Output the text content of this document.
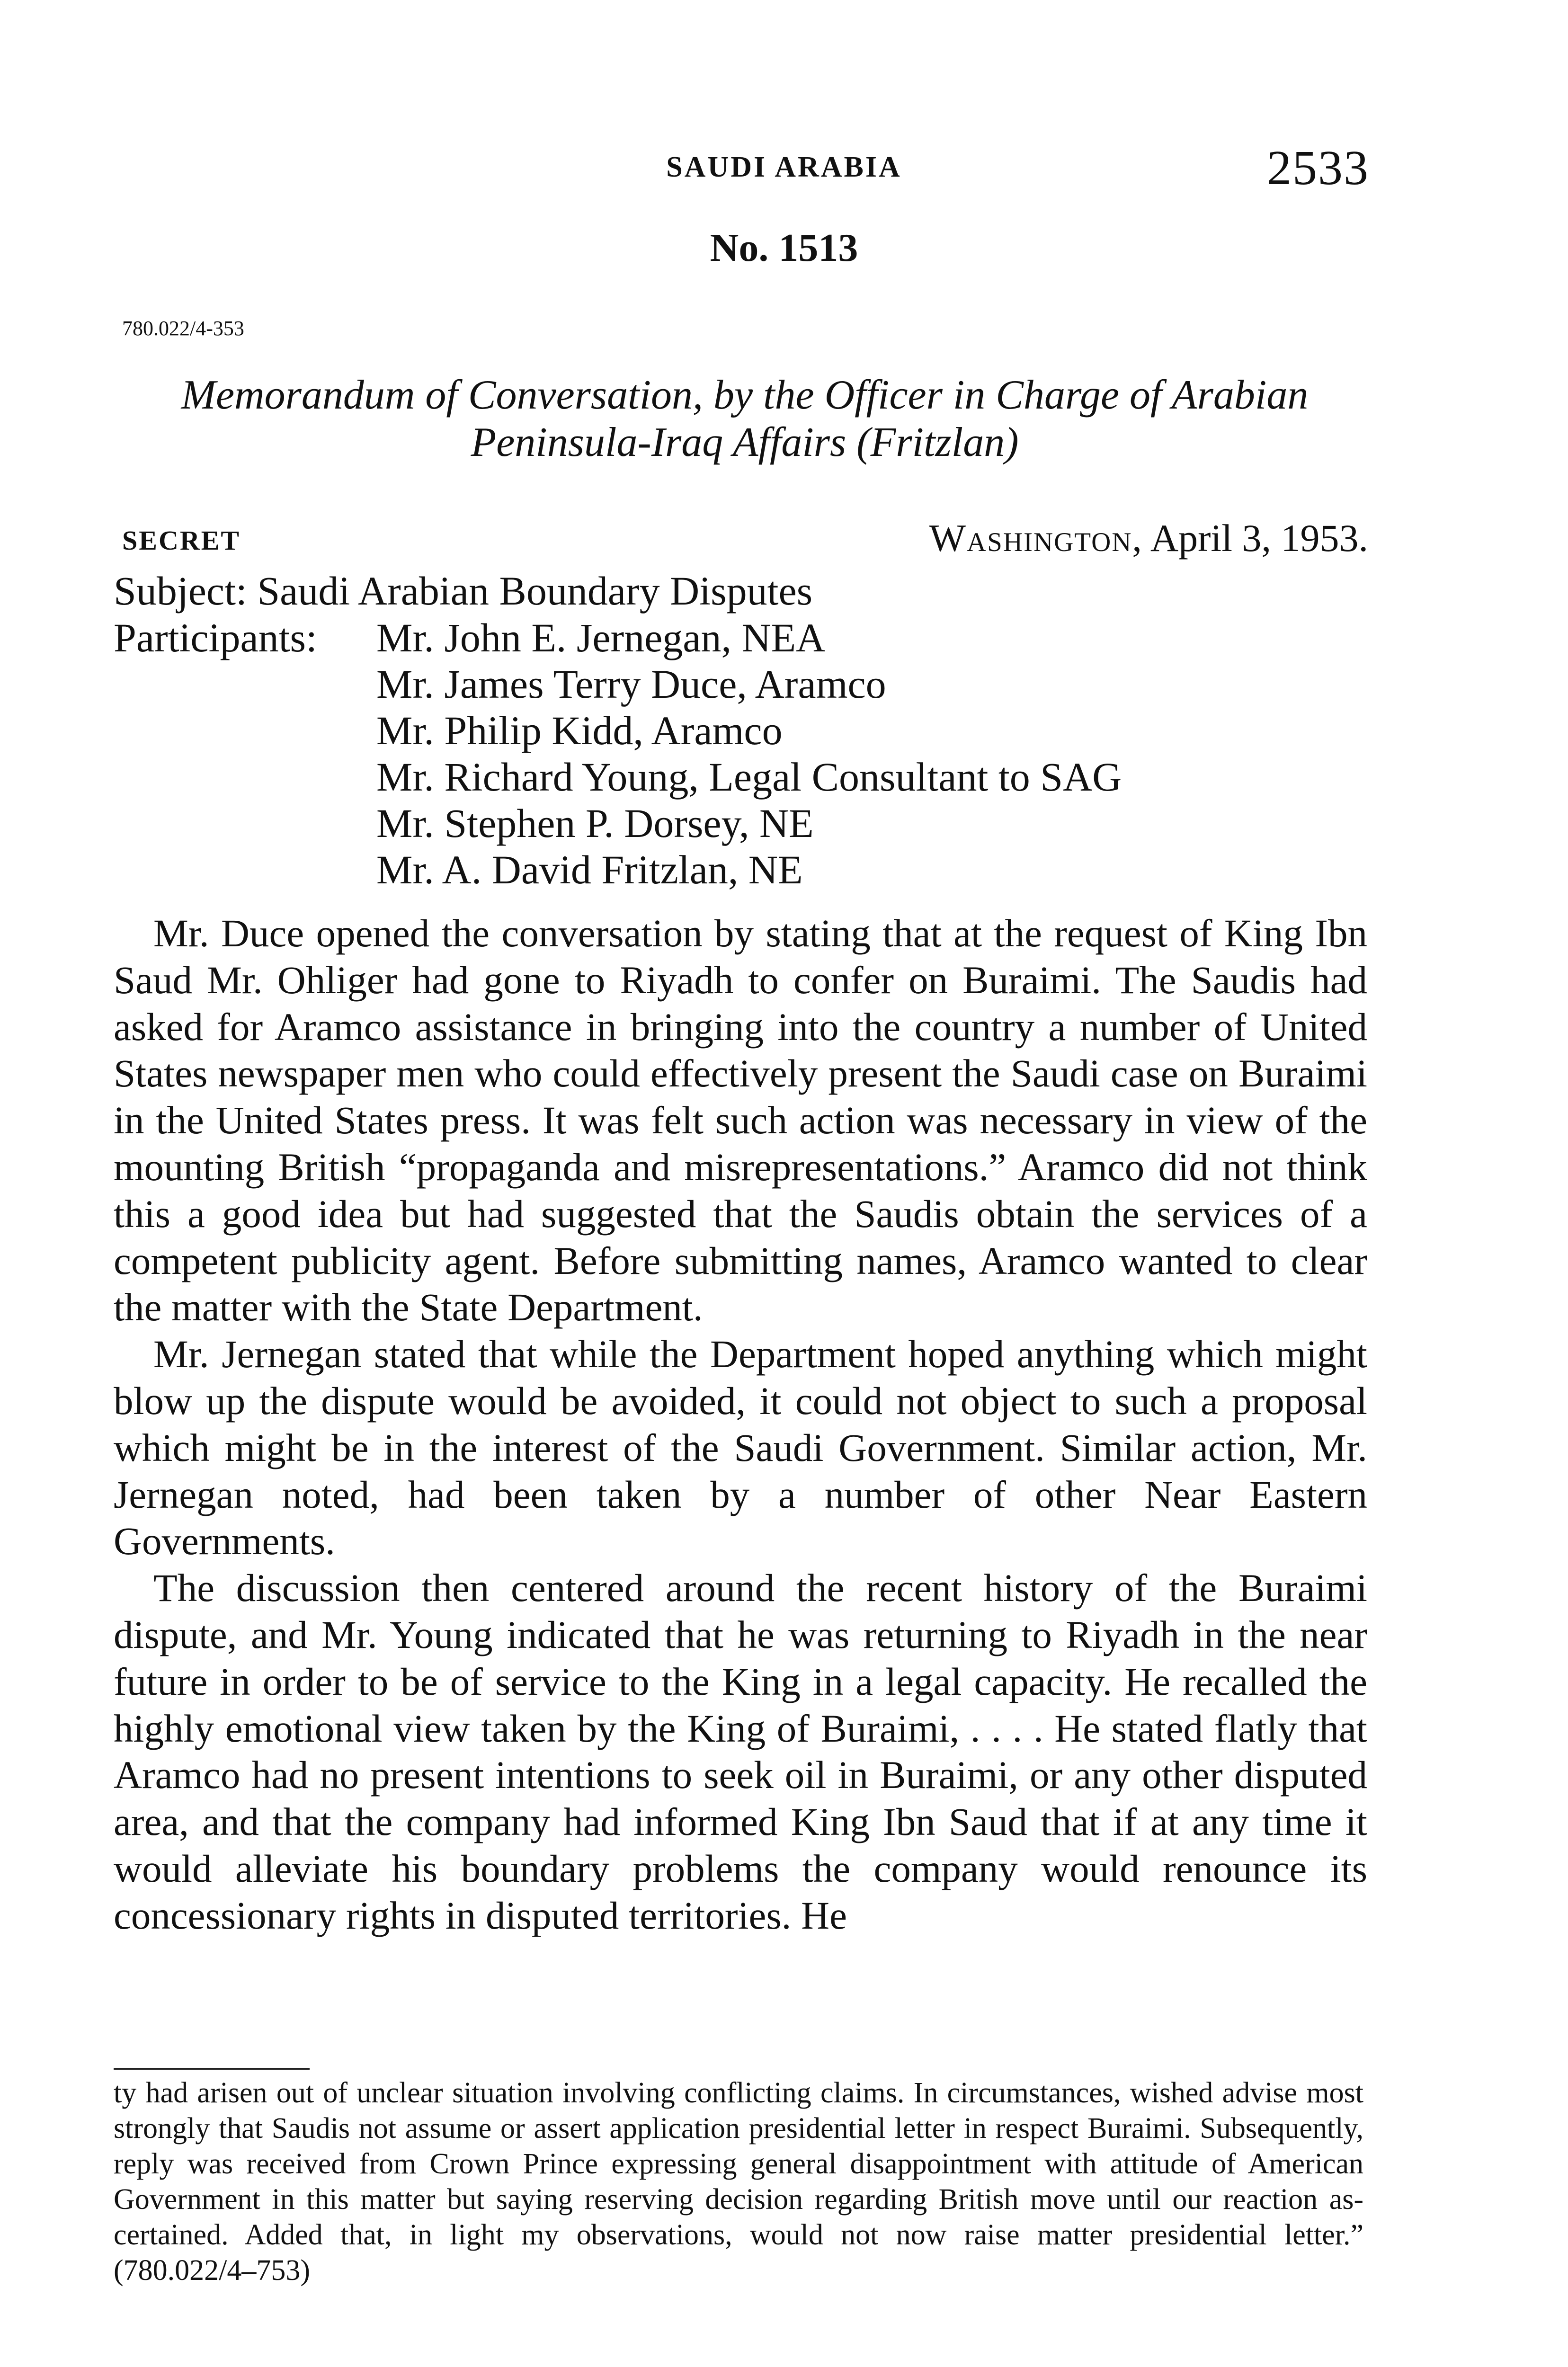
SAUDI ARABIA	2533
No. 1513
780.022/4-353
Memorandum of Conversation, by the Officer in Charge of Arabian
Peninsula-Iraq Affairs (Fritzlan)
SECRET	Washington, April 3, 1953.
Subject: Saudi Arabian Boundary Disputes
Participants: Mr. John E. Jernegan, NEA
Mr. James Terry Duce, Aramco
Mr. Philip Kidd, Aramco
Mr. Richard Young, Legal Consultant to SAG
Mr. Stephen P. Dorsey, NE
Mr. A. David Fritzlan, NE

Mr. Duce opened the conversation by stating that at the request of King Ibn Saud Mr. Ohliger had gone to Riyadh to confer on Buraimi. The Saudis had asked for Aramco assistance in bringing into the country a number of United States newspaper men who could effectively present the Saudi case on Buraimi in the United States press. It was felt such action was necessary in view of the mounting British “propaganda and misrepresentations.” Aramco did not think this a good idea but had suggested that the Saudis obtain the services of a competent publicity agent. Before submitting names, Aramco wanted to clear the matter with the State Department.

Mr. Jernegan stated that while the Department hoped anything which might blow up the dispute would be avoided, it could not object to such a proposal which might be in the interest of the Saudi Government. Similar action, Mr. Jernegan noted, had been taken by a number of other Near Eastern Governments.

The discussion then centered around the recent history of the Buraimi dispute, and Mr. Young indicated that he was returning to Riyadh in the near future in order to be of service to the King in a legal capacity. He recalled the highly emotional view taken by the King of Buraimi, . . . . He stated flatly that Aramco had no present intentions to seek oil in Buraimi, or any other disputed area, and that the company had informed King Ibn Saud that if at any time it would alleviate his boundary problems the company would renounce its concessionary rights in disputed territories. He

ty had arisen out of unclear situation involving conflicting claims. In circumstances, wished advise most strongly that Saudis not assume or assert application presidential letter in respect Buraimi. Subsequently, reply was received from Crown Prince expressing general disappointment with attitude of American Government in this matter but saying reserving decision regarding British move until our reaction ascertained. Added that, in light my observations, would not now raise matter presidential letter.” (780.022/4–753)
